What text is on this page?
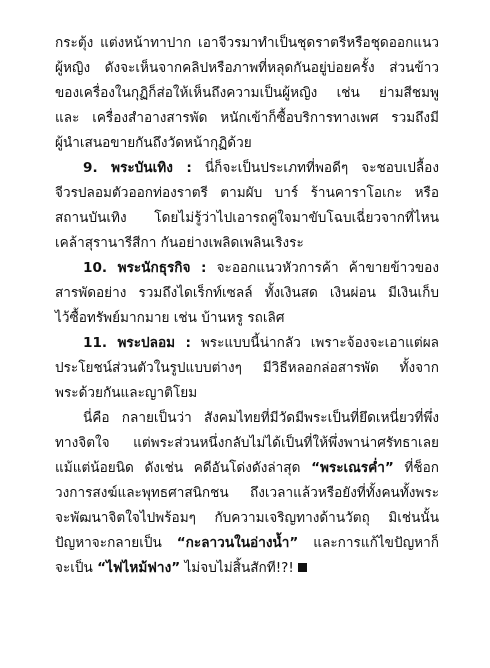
กระตุ้ง แต่งหน้าทาปาก เอาจีวรมาทำเป็นชุดราตรีหรือชุดออกแนว
ผู้หญิง ดังจะเห็นจากคลิปหรือภาพที่หลุดกันอยู่บ่อยครั้ง ส่วนข้าว
ของเครื่องในกุฏิก็ส่อให้เห็นถึงความเป็นผู้หญิง เช่น ย่ามสีชมพู
และ เครื่องสำอางสารพัด หนักเข้าก็ซื้อบริการทางเพศ รวมถึงมี
ผู้นำเสนอขายกันถึงวัดหน้ากุฏิด้วย
9. พระบันเทิง : นี่ก็จะเป็นประเภทที่พอดีๆ จะชอบเปลื้อง
จีวรปลอมตัวออกท่องราตรี ตามผับ บาร์ ร้านคาราโอเกะ หรือ
สถานบันเทิง โดยไม่รู้ว่าไปเอารถคู่ใจมาขับโฉบเฉี่ยวจากที่ไหน
เคล้าสุรานารีสีกา กันอย่างเพลิดเพลินเริงระ
10. พระนักธุรกิจ : จะออกแนวหัวการค้า ค้าขายข้าวของ
สารพัดอย่าง รวมถึงไดเร็กท์เซลล์ ทั้งเงินสด เงินผ่อน มีเงินเก็บ
ไว้ซื้อทรัพย์มากมาย เช่น บ้านหรู รถเลิศ
11. พระปลอม : พระแบบนี้น่ากลัว เพราะจ้องจะเอาแต่ผล
ประโยชน์ส่วนตัวในรูปแบบต่างๆ มีวิธีหลอกล่อสารพัด ทั้งจาก
พระด้วยกันและญาติโยม
นี่คือ กลายเป็นว่า สังคมไทยที่มีวัดมีพระเป็นที่ยึดเหนี่ยวที่พึ่ง
ทางจิตใจ แต่พระส่วนหนึ่งกลับไม่ได้เป็นที่ให้พึ่งพาน่าศรัทธาเลย
แม้แต่น้อยนิด ดังเช่น คดีอันโด่งดังล่าสุด “พระเณรค่ำ” ที่ช็อก
วงการสงฆ์และพุทธศาสนิกชน ถึงเวลาแล้วหรือยังที่ทั้งคนทั้งพระ
จะพัฒนาจิตใจไปพร้อมๆ กับความเจริญทางด้านวัตถุ มิเช่นนั้น
ปัญหาจะกลายเป็น “กะลาวนในอ่างน้ำ” และการแก้ไขปัญหาก็
จะเป็น “ไฟไหม้ฟาง” ไม่จบไม่สิ้นสักที!?!
